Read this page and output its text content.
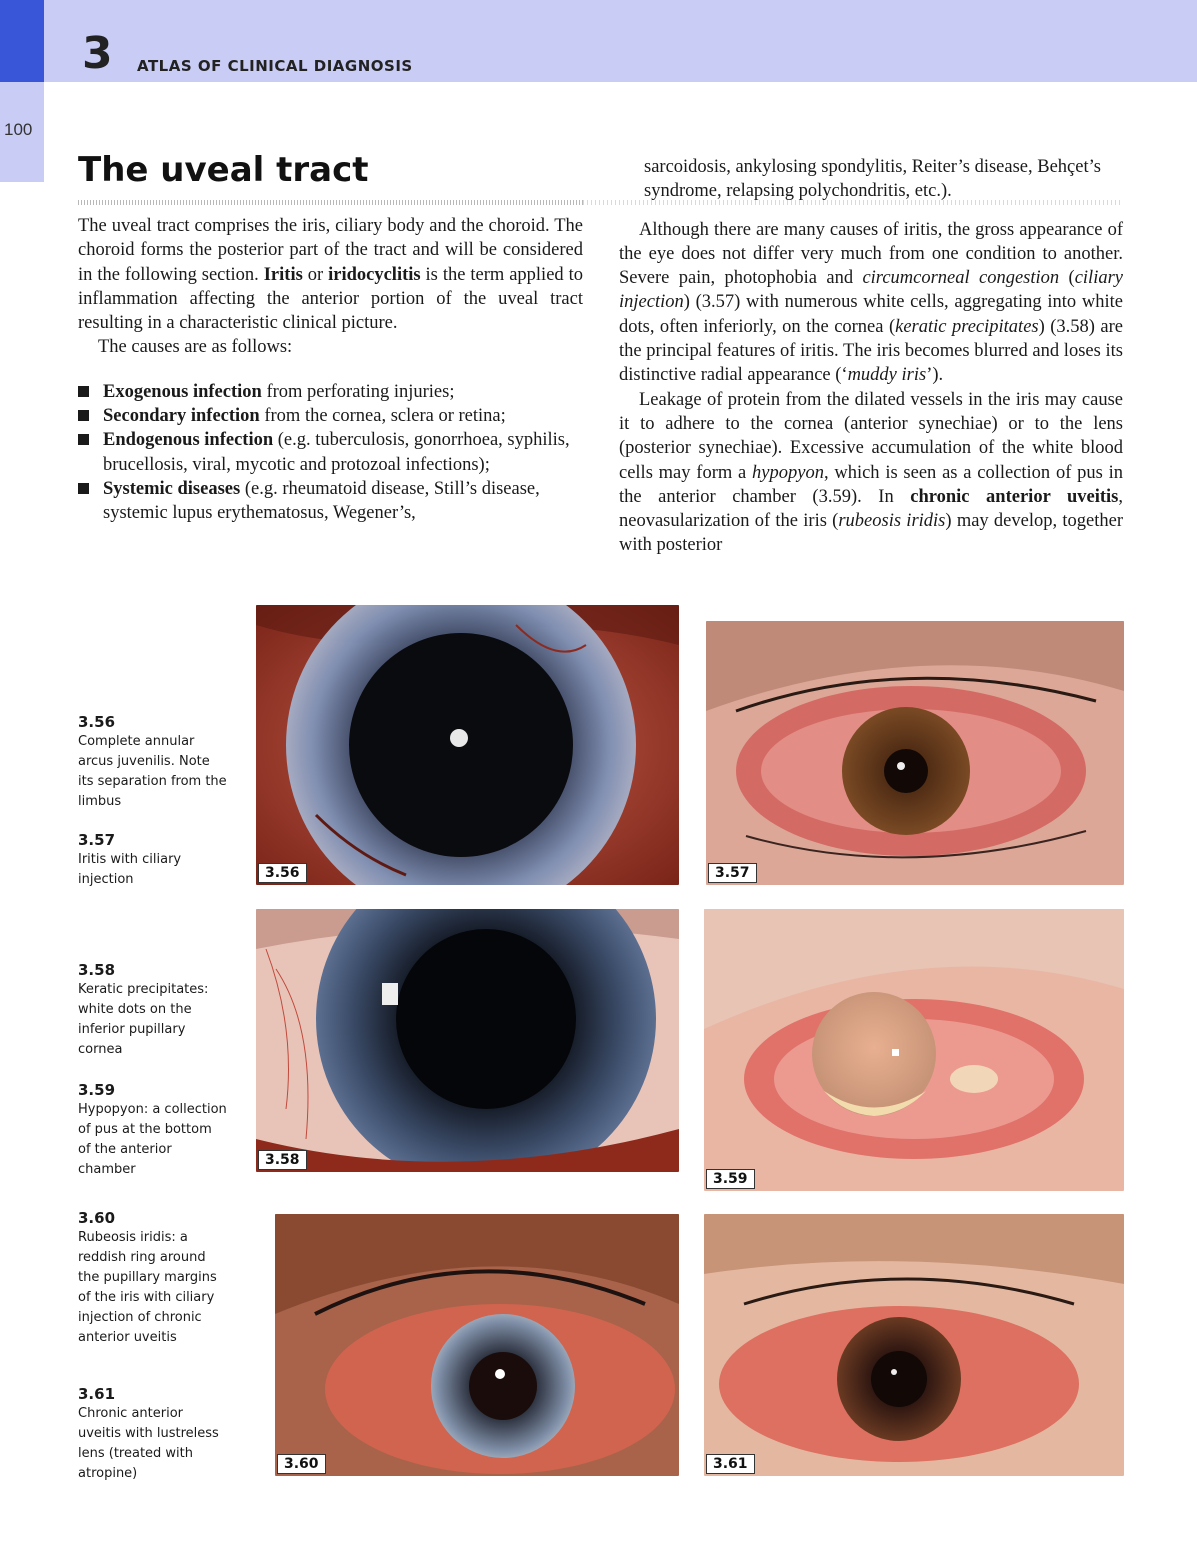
100
3 ATLAS OF CLINICAL DIAGNOSIS
The uveal tract

The uveal tract comprises the iris, ciliary body and the choroid. The choroid forms the posterior part of the tract and will be considered in the following section. Iritis or iridocyclitis is the term applied to inflammation affecting the anterior portion of the uveal tract resulting in a characteristic clinical picture.

The causes are as follows:

Exogenous infection from perforating injuries;
Secondary infection from the cornea, sclera or retina;
Endogenous infection (e.g. tuberculosis, gonorrhoea, syphilis, brucellosis, viral, mycotic and protozoal infections);
Systemic diseases (e.g. rheumatoid disease, Still’s disease, systemic lupus erythematosus, Wegener’s,

sarcoidosis, ankylosing spondylitis, Reiter’s disease, Behçet’s syndrome, relapsing polychondritis, etc.).

Although there are many causes of iritis, the gross appearance of the eye does not differ very much from one condition to another. Severe pain, photophobia and circumcorneal congestion (ciliary injection) (3.57) with numerous white cells, aggregating into white dots, often inferiorly, on the cornea (keratic precipitates) (3.58) are the principal features of iritis. The iris becomes blurred and loses its distinctive radial appearance (‘muddy iris’).

Leakage of protein from the dilated vessels in the iris may cause it to adhere to the cornea (anterior synechiae) or to the lens (posterior synechiae). Excessive accumulation of the white blood cells may form a hypopyon, which is seen as a collection of pus in the anterior chamber (3.59). In chronic anterior uveitis, neovasularization of the iris (rubeosis iridis) may develop, together with posterior

3.56
Complete annular arcus juvenilis. Note its separation from the limbus
3.57
Iritis with ciliary injection
3.58
Keratic precipitates: white dots on the inferior pupillary cornea
3.59
Hypopyon: a collection of pus at the bottom of the anterior chamber
3.60
Rubeosis iridis: a reddish ring around the pupillary margins of the iris with ciliary injection of chronic anterior uveitis
3.61
Chronic anterior uveitis with lustreless lens (treated with atropine)
3.56	3.57
3.58
3.59
3.60	3.61
